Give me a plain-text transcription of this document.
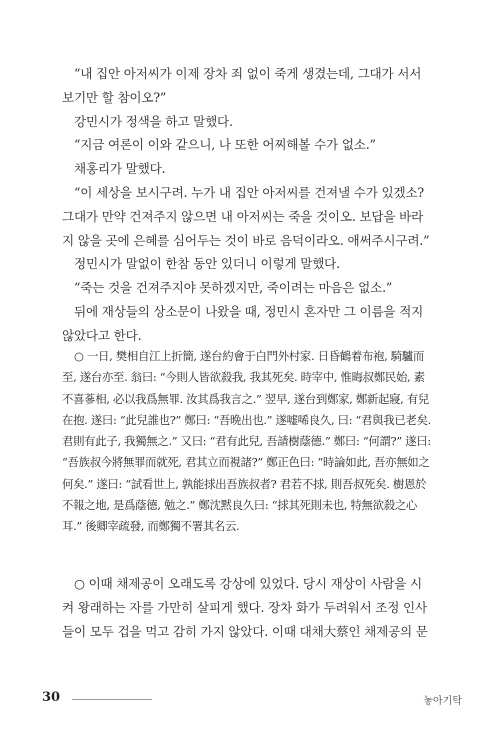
“내 집안 아저씨가 이제 장차 죄 없이 죽게 생겼는데, 그대가 서서
보기만 할 참이오?”
강민시가 정색을 하고 말했다.
“지금 여론이 이와 같으니, 나 또한 어찌해볼 수가 없소.”
채홍리가 말했다.
“이 세상을 보시구려. 누가 내 집안 아저씨를 건져낼 수가 있겠소?
그대가 만약 건져주지 않으면 내 아저씨는 죽을 것이오. 보답을 바라
지 않을 곳에 은혜를 심어두는 것이 바로 음덕이라오. 애써주시구려.”
정민시가 말없이 한참 동안 있더니 이렇게 말했다.
“죽는 것을 건져주지야 못하겠지만, 죽이려는 마음은 없소.”
뒤에 재상들의 상소문이 나왔을 때, 정민시 혼자만 그 이름을 적지
않았다고 한다.
○ 一日, 樊相自江上折簡, 遂台約會于白門外村家. 日昏鶴着布袍, 騎驢而
至, 遂台亦至. 翁曰: “今則人皆欲殺我, 我其死矣. 時宰中, 惟晦叔鄭民始, 素
不喜蔘相, 必以我爲無罪. 汝其爲我言之.” 翌早, 遂台到鄭家, 鄭新起寢, 有兒
在抱. 遂曰: “此兒誰也?” 鄭曰: “吾晩出也.” 遂嘘唏良久, 曰: “君與我已老矣.
君則有此子, 我獨無之.” 又曰: “君有此兒, 吾請樹蔭德.” 鄭曰: “何謂?” 遂曰:
“吾族叔今將無罪而就死, 君其立而視諸?” 鄭正色曰: “時論如此, 吾亦無如之
何矣.” 遂曰: “試看世上, 孰能捄出吾族叔者? 君若不捄, 則吾叔死矣. 樹恩於
不報之地, 是爲蔭德, 勉之.” 鄭沈黙良久曰: “捄其死則未也, 特無欲殺之心
耳.” 後卿宰疏發, 而鄭獨不署其名云.
○ 이때 채제공이 오래도록 강상에 있었다. 당시 재상이 사람을 시
켜 왕래하는 자를 가만히 살피게 했다. 장차 화가 두려워서 조정 인사
들이 모두 겁을 먹고 감히 가지 않았다. 이때 대채大蔡인 채제공의 문
30	놓아기탁
